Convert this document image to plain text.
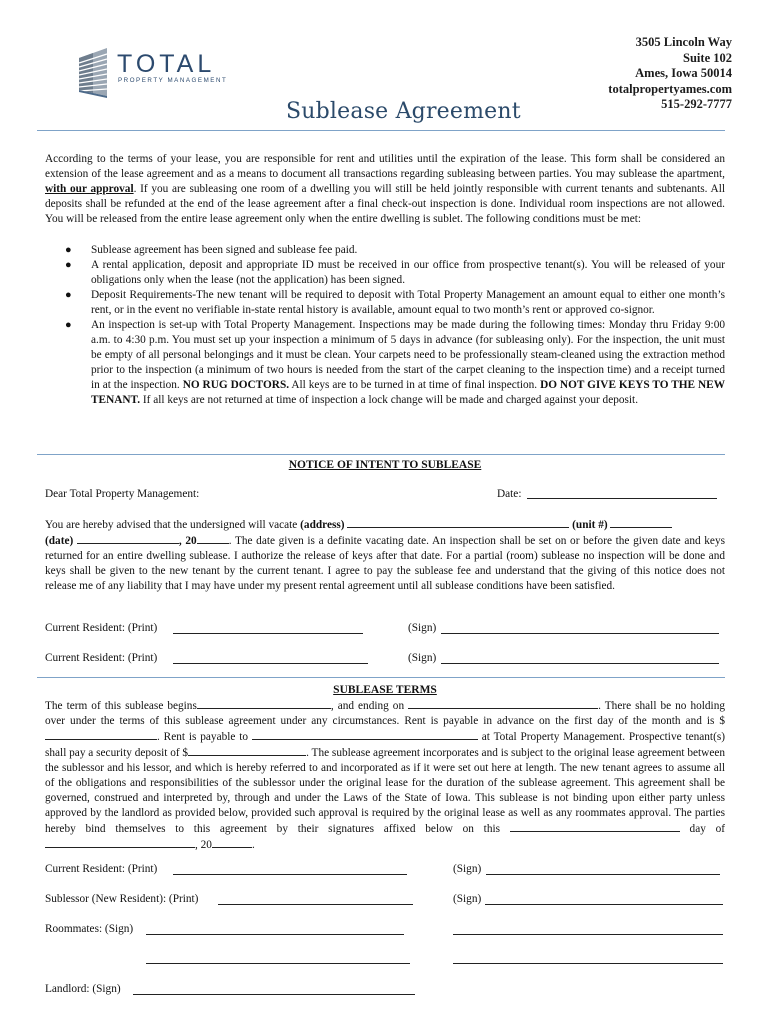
TOTAL
PROPERTY MANAGEMENT
Sublease Agreement
3505 Lincoln Way
Suite 102
Ames, Iowa 50014
totalpropertyames.com
515-292-7777
According to the terms of your lease, you are responsible for rent and utilities until the expiration of the lease. This form shall be considered an extension of the lease agreement and as a means to document all transactions regarding subleasing between parties. You may sublease the apartment, with our approval. If you are subleasing one room of a dwelling you will still be held jointly responsible with current tenants and subtenants. All deposits shall be refunded at the end of the lease agreement after a final check-out inspection is done. Individual room inspections are not allowed. You will be released from the entire lease agreement only when the entire dwelling is sublet. The following conditions must be met:
● Sublease agreement has been signed and sublease fee paid.
● A rental application, deposit and appropriate ID must be received in our office from prospective tenant(s). You will be released of your obligations only when the lease (not the application) has been signed.
● Deposit Requirements-The new tenant will be required to deposit with Total Property Management an amount equal to either one month’s rent, or in the event no verifiable in-state rental history is available, amount equal to two month’s rent or approved co-signor.
● An inspection is set-up with Total Property Management. Inspections may be made during the following times: Monday thru Friday 9:00 a.m. to 4:30 p.m. You must set up your inspection a minimum of 5 days in advance (for subleasing only). For the inspection, the unit must be empty of all personal belongings and it must be clean. Your carpets need to be professionally steam-cleaned using the extraction method prior to the inspection (a minimum of two hours is needed from the start of the carpet cleaning to the inspection time) and a receipt turned in at the inspection. NO RUG DOCTORS. All keys are to be turned in at time of final inspection. DO NOT GIVE KEYS TO THE NEW TENANT. If all keys are not returned at time of inspection a lock change will be made and charged against your deposit.
NOTICE OF INTENT TO SUBLEASE
Dear Total Property Management:	Date:
You are hereby advised that the undersigned will vacate (address)	(unit #)
(date)	, 20	. The date given is a definite vacating date. An inspection shall be set on or before the given date and keys returned for an entire dwelling sublease. I authorize the release of keys after that date. For a partial (room) sublease no inspection will be done and keys shall be given to the new tenant by the current tenant. I agree to pay the sublease fee and understand that the giving of this notice does not release me of any liability that I may have under my present rental agreement until all sublease conditions have been satisfied.
Current Resident: (Print)	(Sign)
Current Resident: (Print)	(Sign)
SUBLEASE TERMS
The term of this sublease begins	, and ending on	. There shall be no holding over under the terms of this sublease agreement under any circumstances. Rent is payable in advance on the first day of the month and is $. Rent is payable to	at Total Property Management. Prospective tenant(s) shall pay a security deposit of $	. The sublease agreement incorporates and is subject to the original lease agreement between the sublessor and his lessor, and which is hereby referred to and incorporated as if it were set out here at length. The new tenant agrees to assume all of the obligations and responsibilities of the sublessor under the original lease for the duration of the sublease agreement. This agreement shall be governed, construed and interpreted by, through and under the Laws of the State of Iowa. This sublease is not binding upon either party unless approved by the landlord as provided below, provided such approval is required by the original lease as well as any roommates approval. The parties hereby bind themselves to this agreement by their signatures affixed below on this	day of , 20	.
Current Resident: (Print)	(Sign)
Sublessor (New Resident): (Print)	(Sign)
Roommates: (Sign)
Landlord: (Sign)
